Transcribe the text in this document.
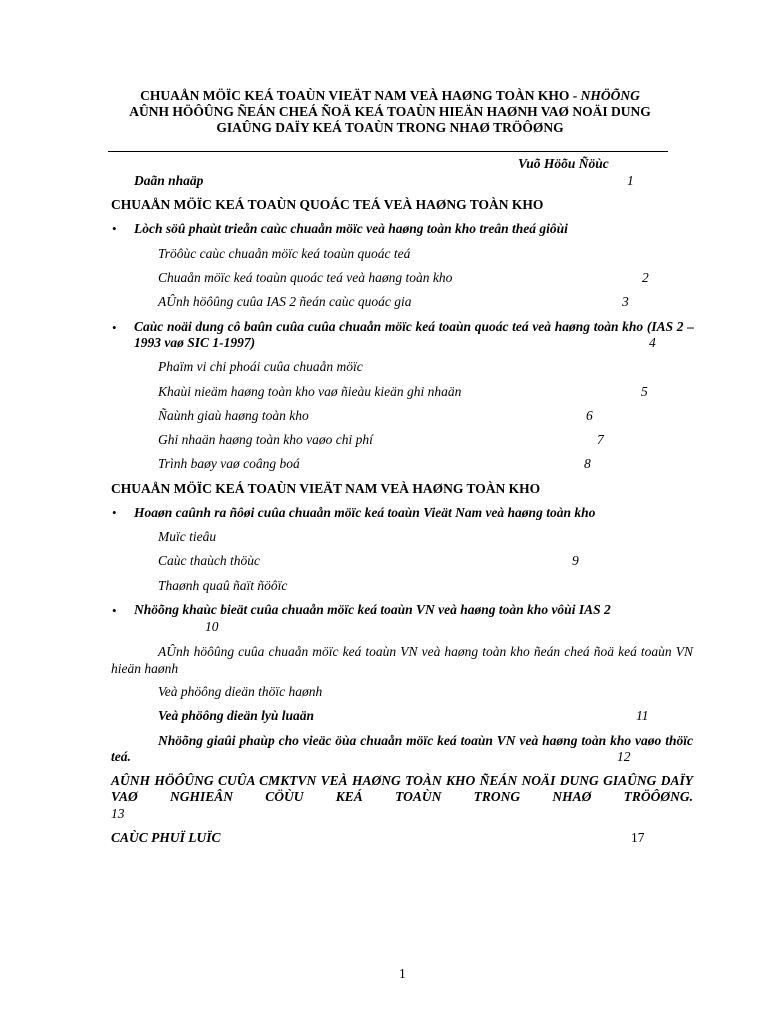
CHUAÅN MÖÏC KEÁ TOAÙN VIEÄT NAM VEÀ HAØNG TOÀN KHO - NHÖÕNG
AÛNH HÖÔÛNG ÑEÁN CHEÁ ÑOÄ KEÁ TOAÙN HIEÄN HAØNH VAØ NOÄI DUNG
GIAÛNG DAÏY KEÁ TOAÙN TRONG NHAØ TRÖÔØNG
Vuõ Höõu Ñöùc
Daãn nhaäp	1
CHUAÅN MÖÏC KEÁ TOAÙN QUOÁC TEÁ VEÀ HAØNG TOÀN KHO
• Lòch söû phaùt trieån caùc chuaån möïc veà haøng toàn kho treân theá giôùi
Tröôùc caùc chuaån möïc keá toaùn quoác teá
Chuaån möïc keá toaùn quoác teá veà haøng toàn kho	2
AÛnh höôûng cuûa IAS 2 ñeán caùc quoác gia	3
• Caùc noäi dung cô baûn cuûa cuûa chuaån möïc keá toaùn quoác teá veà haøng toàn kho (IAS 2 – 1993 vaø SIC 1-1997)	4
Phaïm vi chi phoái cuûa chuaån möïc
Khaùi nieäm haøng toàn kho vaø ñieàu kieän ghi nhaän	5
Ñaùnh giaù haøng toàn kho	6
Ghi nhaän haøng toàn kho vaøo chi phí	7
Trình baøy vaø coâng boá	8
CHUAÅN MÖÏC KEÁ TOAÙN VIEÄT NAM VEÀ HAØNG TOÀN KHO
• Hoaøn caûnh ra ñôøi cuûa chuaån möïc keá toaùn Vieät Nam veà haøng toàn kho
Muïc tieâu
Caùc thaùch thöùc	9
Thaønh quaû ñaït ñöôïc
• Nhöõng khaùc bieät cuûa chuaån möïc keá toaùn VN veà haøng toàn kho vôùi IAS 2
10
AÛnh höôûng cuûa chuaån möïc keá toaùn VN veà haøng toàn kho ñeán cheá ñoä keá toaùn VN hieän haønh
Veà phöông dieän thöïc haønh
Veà phöông dieän lyù luaän	11
Nhöõng giaûi phaùp cho vieäc öùa chuaån möïc keá toaùn VN veà haøng toàn kho vaøo thöïc teá.	12
AÛNH HÖÔÛNG CUÛA CMKTVN VEÀ HAØNG TOÀN KHO ÑEÁN NOÄI DUNG GIAÛNG DAÏY VAØ NGHIEÂN CÖÙU KEÁ TOAÙN TRONG NHAØ TRÖÔØNG.
13
CAÙC PHUÏ LUÏC	17
1
